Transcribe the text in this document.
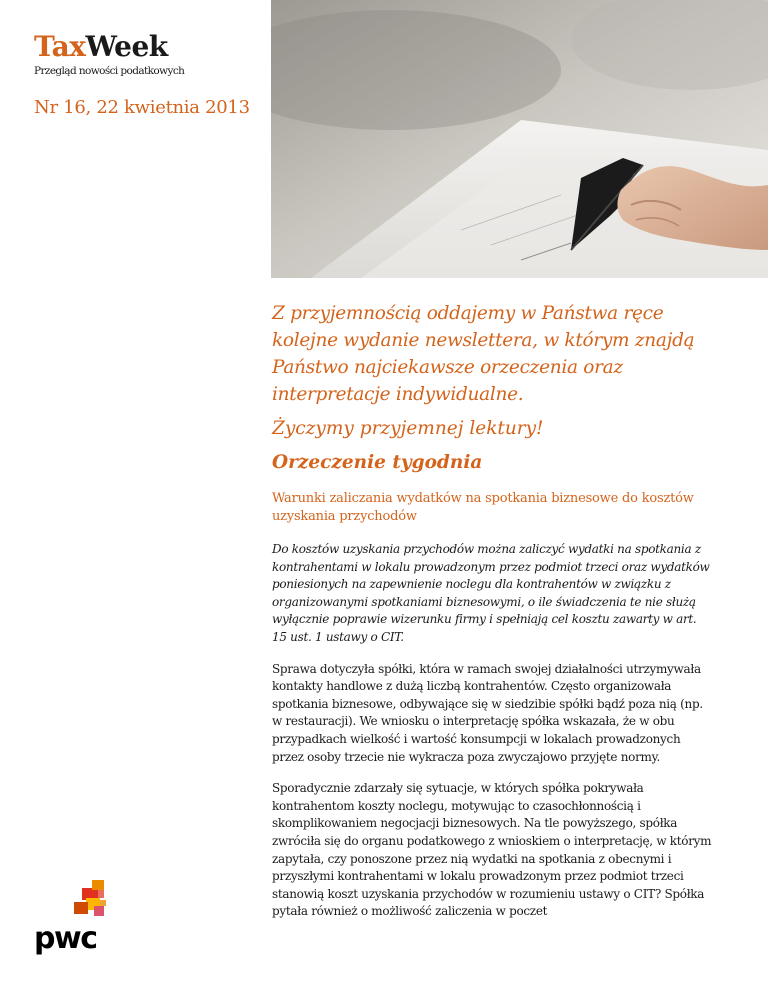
TaxWeek
Przegląd nowości podatkowych
Nr 16, 22 kwietnia 2013

Z przyjemnością oddajemy w Państwa ręce kolejne wydanie newslettera, w którym znajdą Państwo najciekawsze orzeczenia oraz interpretacje indywidualne.

Życzymy przyjemnej lektury!

Orzeczenie tygodnia

Warunki zaliczania wydatków na spotkania biznesowe do kosztów uzyskania przychodów

Do kosztów uzyskania przychodów można zaliczyć wydatki na spotkania z kontrahentami w lokalu prowadzonym przez podmiot trzeci oraz wydatków poniesionych na zapewnienie noclegu dla kontrahentów w związku z organizowanymi spotkaniami biznesowymi, o ile świadczenia te nie służą wyłącznie poprawie wizerunku firmy i spełniają cel kosztu zawarty w art. 15 ust. 1 ustawy o CIT.

Sprawa dotyczyła spółki, która w ramach swojej działalności utrzymywała kontakty handlowe z dużą liczbą kontrahentów. Często organizowała spotkania biznesowe, odbywające się w siedzibie spółki bądź poza nią (np. w restauracji). We wniosku o interpretację spółka wskazała, że w obu przypadkach wielkość i wartość konsumpcji w lokalach prowadzonych przez osoby trzecie nie wykracza poza zwyczajowo przyjęte normy.

Sporadycznie zdarzały się sytuacje, w których spółka pokrywała kontrahentom koszty noclegu, motywując to czasochłonnością i skomplikowaniem negocjacji biznesowych. Na tle powyższego, spółka zwróciła się do organu podatkowego z wnioskiem o interpretację, w którym zapytała, czy ponoszone przez nią wydatki na spotkania z obecnymi i przyszłymi kontrahentami w lokalu prowadzonym przez podmiot trzeci stanowią koszt uzyskania przychodów w rozumieniu ustawy o CIT? Spółka pytała również o możliwość zaliczenia w poczet

pwc
